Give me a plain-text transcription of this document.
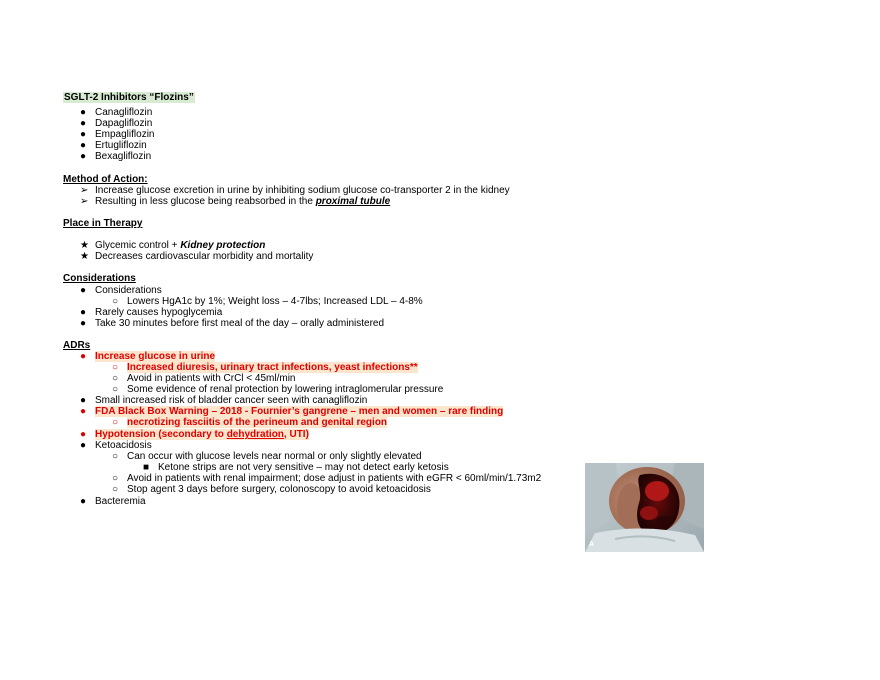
SGLT-2 Inhibitors “Flozins”
● Canagliflozin
● Dapagliflozin
● Empagliflozin
● Ertugliflozin
● Bexagliflozin
Method of Action:
➢ Increase glucose excretion in urine by inhibiting sodium glucose co-transporter 2 in the kidney
➢ Resulting in less glucose being reabsorbed in the proximal tubule
Place in Therapy
★ Glycemic control + Kidney protection
★ Decreases cardiovascular morbidity and mortality
Considerations
● Considerations
○ Lowers HgA1c by 1%; Weight loss – 4-7lbs; Increased LDL – 4-8%
● Rarely causes hypoglycemia
● Take 30 minutes before first meal of the day – orally administered
ADRs
● Increase glucose in urine
○ Increased diuresis, urinary tract infections, yeast infections**
○ Avoid in patients with CrCl < 45ml/min
○ Some evidence of renal protection by lowering intraglomerular pressure
● Small increased risk of bladder cancer seen with canagliflozin
● FDA Black Box Warning – 2018 - Fournier’s gangrene – men and women – rare finding
○ necrotizing fasciitis of the perineum and genital region
● Hypotension (secondary to dehydration, UTI)
● Ketoacidosis
○ Can occur with glucose levels near normal or only slightly elevated
■ Ketone strips are not very sensitive – may not detect early ketosis
○ Avoid in patients with renal impairment; dose adjust in patients with eGFR < 60ml/min/1.73m2
○ Stop agent 3 days before surgery, colonoscopy to avoid ketoacidosis
● Bacteremia
A
